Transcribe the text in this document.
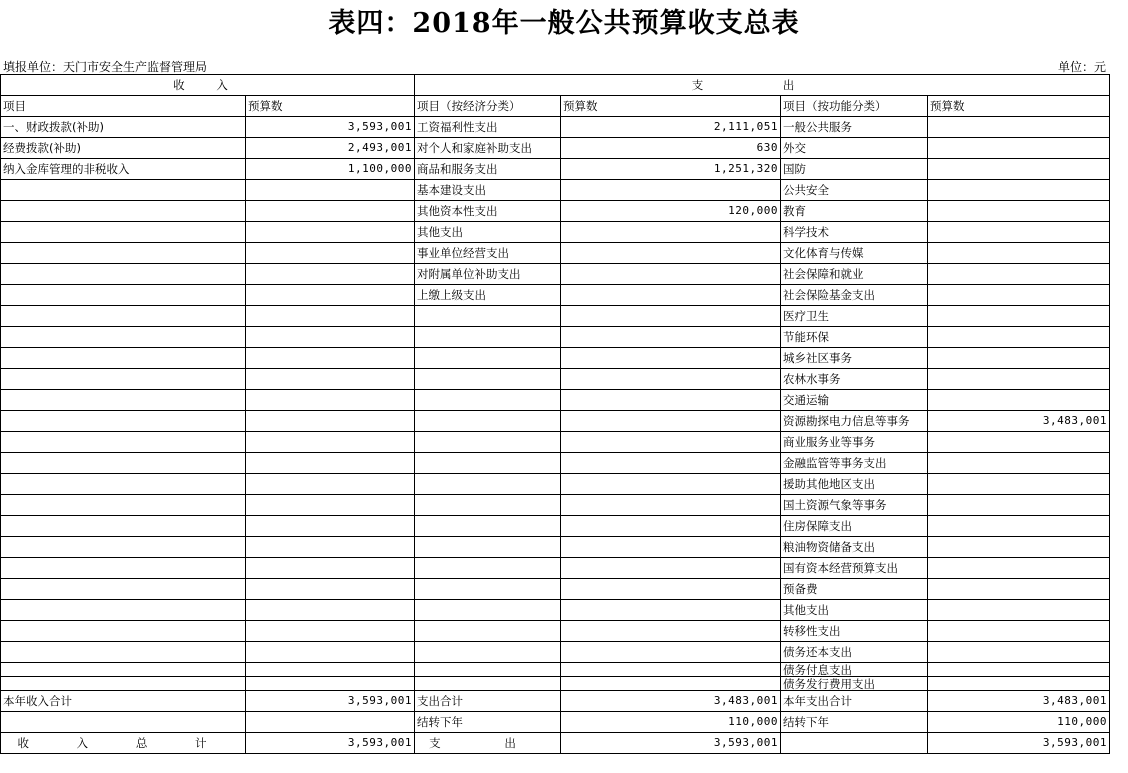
表四：2018年一般公共预算收支总表
填报单位：天门市安全生产监督管理局	单位：元
收 入		支 出			
项目	预算数	项目（按经济分类）	预算数	项目（按功能分类）	预算数
一、财政拨款(补助)	3,593,001	工资福利性支出	2,111,051	一般公共服务	
经费拨款(补助)	2,493,001	对个人和家庭补助支出	630	外交	
纳入金库管理的非税收入	1,100,000	商品和服务支出	1,251,320	国防	
		基本建设支出		公共安全	
		其他资本性支出	120,000	教育	
		其他支出		科学技术	
		事业单位经营支出		文化体育与传媒	
		对附属单位补助支出		社会保障和就业	
		上缴上级支出		社会保险基金支出	
				医疗卫生	
				节能环保	
				城乡社区事务	
				农林水事务	
				交通运输	
				资源勘探电力信息等事务	3,483,001
				商业服务业等事务	
				金融监管等事务支出	
				援助其他地区支出	
				国土资源气象等事务	
				住房保障支出	
				粮油物资储备支出	
				国有资本经营预算支出	
				预备费	
				其他支出	
				转移性支出	
				债务还本支出	
				债务付息支出	
				债务发行费用支出	
本年收入合计	3,593,001	支出合计	3,483,001	本年支出合计	3,483,001
		结转下年	110,000	结转下年	110,000
收 入 总 计	3,593,001	支 出	3,593,001		3,593,001
